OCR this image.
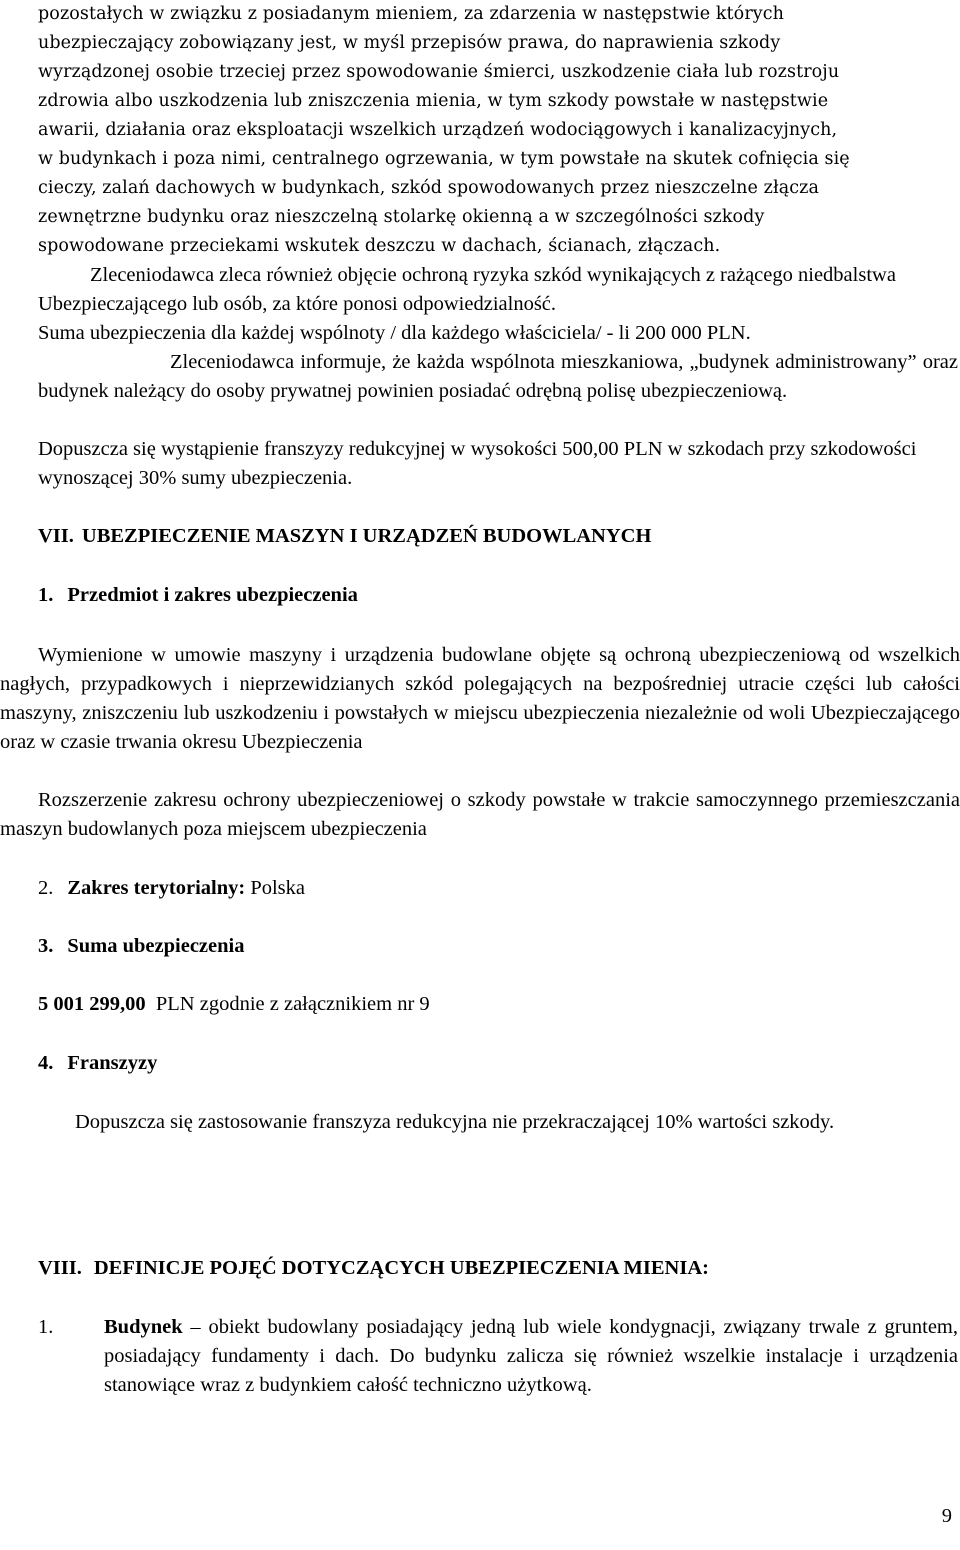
pozostałych w związku z posiadanym mieniem, za zdarzenia w następstwie których
ubezpieczający zobowiązany jest, w myśl przepisów prawa, do naprawienia szkody
wyrządzonej osobie trzeciej przez spowodowanie śmierci, uszkodzenie ciała lub rozstroju
zdrowia albo uszkodzenia lub zniszczenia mienia, w tym szkody powstałe w następstwie
awarii, działania oraz eksploatacji wszelkich urządzeń wodociągowych i kanalizacyjnych,
w budynkach i poza nimi, centralnego ogrzewania, w tym powstałe na skutek cofnięcia się
cieczy, zalań dachowych w budynkach, szkód spowodowanych przez nieszczelne złącza
zewnętrzne budynku oraz nieszczelną stolarkę okienną a w szczególności szkody
spowodowane przeciekami wskutek deszczu w dachach, ścianach, złączach.

Zleceniodawca zleca również objęcie ochroną ryzyka szkód wynikających z rażącego niedbalstwa Ubezpieczającego lub osób, za które ponosi odpowiedzialność.

Suma ubezpieczenia dla każdej wspólnoty / dla każdego właściciela/ - li 200 000 PLN.

Zleceniodawca informuje, że każda wspólnota mieszkaniowa, „budynek administrowany” oraz budynek należący do osoby prywatnej powinien posiadać odrębną polisę ubezpieczeniową.

Dopuszcza się wystąpienie franszyzy redukcyjnej w wysokości 500,00 PLN w szkodach przy szkodowości wynoszącej 30% sumy ubezpieczenia.

VII. UBEZPIECZENIE MASZYN I URZĄDZEŃ BUDOWLANYCH
1. Przedmiot i zakres ubezpieczenia

Wymienione w umowie maszyny i urządzenia budowlane objęte są ochroną ubezpieczeniową od wszelkich nagłych, przypadkowych i nieprzewidzianych szkód polegających na bezpośredniej utracie części lub całości maszyny, zniszczeniu lub uszkodzeniu i powstałych w miejscu ubezpieczenia niezależnie od woli Ubezpieczającego oraz w czasie trwania okresu Ubezpieczenia

Rozszerzenie zakresu ochrony ubezpieczeniowej o szkody powstałe w trakcie samoczynnego przemieszczania maszyn budowlanych poza miejscem ubezpieczenia

2. Zakres terytorialny: Polska
3. Suma ubezpieczenia
5 001 299,00 PLN zgodnie z załącznikiem nr 9
4. Franszyzy

Dopuszcza się zastosowanie franszyza redukcyjna nie przekraczającej 10% wartości szkody.

VIII. DEFINICJE POJĘĆ DOTYCZĄCYCH UBEZPIECZENIA MIENIA:
1. Budynek – obiekt budowlany posiadający jedną lub wiele kondygnacji, związany trwale z gruntem, posiadający fundamenty i dach. Do budynku zalicza się również wszelkie instalacje i urządzenia stanowiące wraz z budynkiem całość techniczno użytkową.
9
